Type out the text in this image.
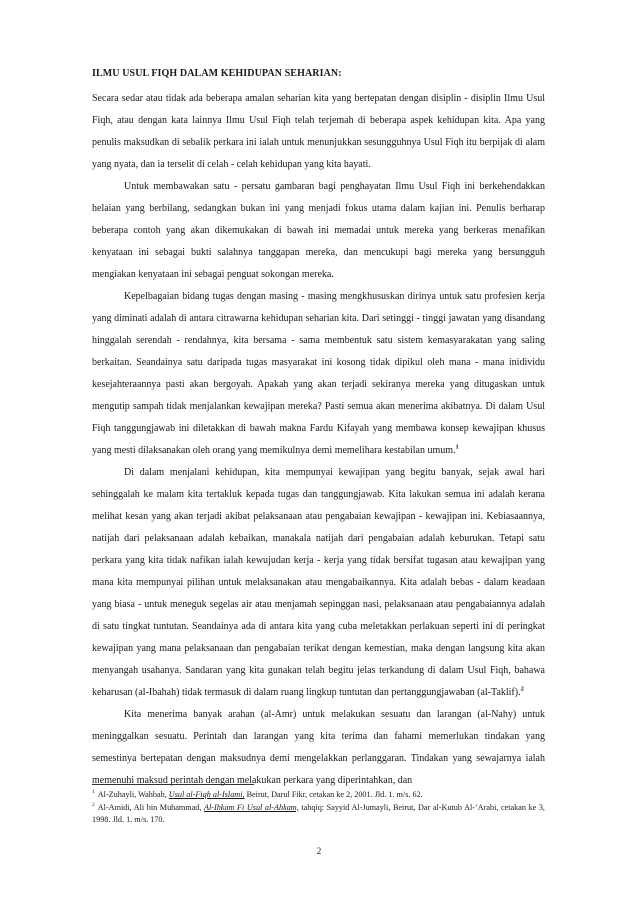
ILMU USUL FIQH DALAM KEHIDUPAN SEHARIAN:

Secara sedar atau tidak ada beberapa amalan seharian kita yang bertepatan dengan disiplin - disiplin Ilmu Usul Fiqh, atau dengan kata lainnya Ilmu Usul Fiqh telah terjemah di beberapa aspek kehidupan kita. Apa yang penulis maksudkan di sebalik perkara ini ialah untuk menunjukkan sesungguhnya Usul Fiqh itu berpijak di alam yang nyata, dan ia terselit di celah - celah kehidupan yang kita hayati.

Untuk membawakan satu - persatu gambaran bagi penghayatan Ilmu Usul Fiqh ini berkehendakkan helaian yang berbilang, sedangkan bukan ini yang menjadi fokus utama dalam kajian ini. Penulis berharap beberapa contoh yang akan dikemukakan di bawah ini memadai untuk mereka yang berkeras menafikan kenyataan ini sebagai bukti salahnya tanggapan mereka, dan mencukupi bagi mereka yang bersungguh mengiakan kenyataan ini sebagai penguat sokongan mereka.

Kepelbagaian bidang tugas dengan masing - masing mengkhususkan dirinya untuk satu profesien kerja yang diminati adalah di antara citrawarna kehidupan seharian kita. Dari setinggi - tinggi jawatan yang disandang hinggalah serendah - rendahnya, kita bersama - sama membentuk satu sistem kemasyarakatan yang saling berkaitan. Seandainya satu daripada tugas masyarakat ini kosong tidak dipikul oleh mana - mana inidividu kesejahteraannya pasti akan bergoyah. Apakah yang akan terjadi sekiranya mereka yang ditugaskan untuk mengutip sampah tidak menjalankan kewajipan mereka? Pasti semua akan menerima akibatnya. Di dalam Usul Fiqh tanggungjawab ini diletakkan di bawah makna Fardu Kifayah yang membawa konsep kewajipan khusus yang mesti dilaksanakan oleh orang yang memikulnya demi memelihara kestabilan umum.$^1$

Di dalam menjalani kehidupan, kita mempunyai kewajipan yang begitu banyak, sejak awal hari sehinggalah ke malam kita tertakluk kepada tugas dan tanggungjawab. Kita lakukan semua ini adalah kerana melihat kesan yang akan terjadi akibat pelaksanaan atau pengabaian kewajipan - kewajipan ini. Kebiasaannya, natijah dari pelaksanaan adalah kebaikan, manakala natijah dari pengabaian adalah keburukan. Tetapi satu perkara yang kita tidak nafikan ialah kewujudan kerja - kerja yang tidak bersifat tugasan atau kewajipan yang mana kita mempunyai pilihan untuk melaksanakan atau mengabaikannya. Kita adalah bebas - dalam keadaan yang biasa - untuk meneguk segelas air atau menjamah sepinggan nasi, pelaksanaan atau pengabaiannya adalah di satu tingkat tuntutan. Seandainya ada di antara kita yang cuba meletakkan perlakuan seperti ini di peringkat kewajipan yang mana pelaksanaan dan pengabaian terikat dengan kemestian, maka dengan langsung kita akan menyangah usahanya. Sandaran yang kita gunakan telah begitu jelas terkandung di dalam Usul Fiqh, bahawa keharusan (al-Ibahah) tidak termasuk di dalam ruang lingkup tuntutan dan pertanggungjawaban (al-Taklif).$^2$

Kita menerima banyak arahan (al-Amr) untuk melakukan sesuatu dan larangan (al-Nahy) untuk meninggalkan sesuatu. Perintah dan larangan yang kita terima dan fahami memerlukan tindakan yang semestinya bertepatan dengan maksudnya demi mengelakkan perlanggaran. Tindakan yang sewajarnya ialah memenuhi maksud perintah dengan melakukan perkara yang diperintahkan, dan

$^1$ Al-Zuhayli, Wahbah, Usul al-Fiqh al-Islami, Beirut, Darul Fikr, cetakan ke 2, 2001. Jld. 1. m/s. 62.

$^2$ Al-Amidi, Ali bin Muhammad, Al-Ihkam Fi Usul al-Ahkam, tahqiq: Sayyid Al-Jumayli, Beirut, Dar al-Kutub Al-‘Arabi, cetakan ke 3, 1998. Jld. 1. m/s. 170.

2
